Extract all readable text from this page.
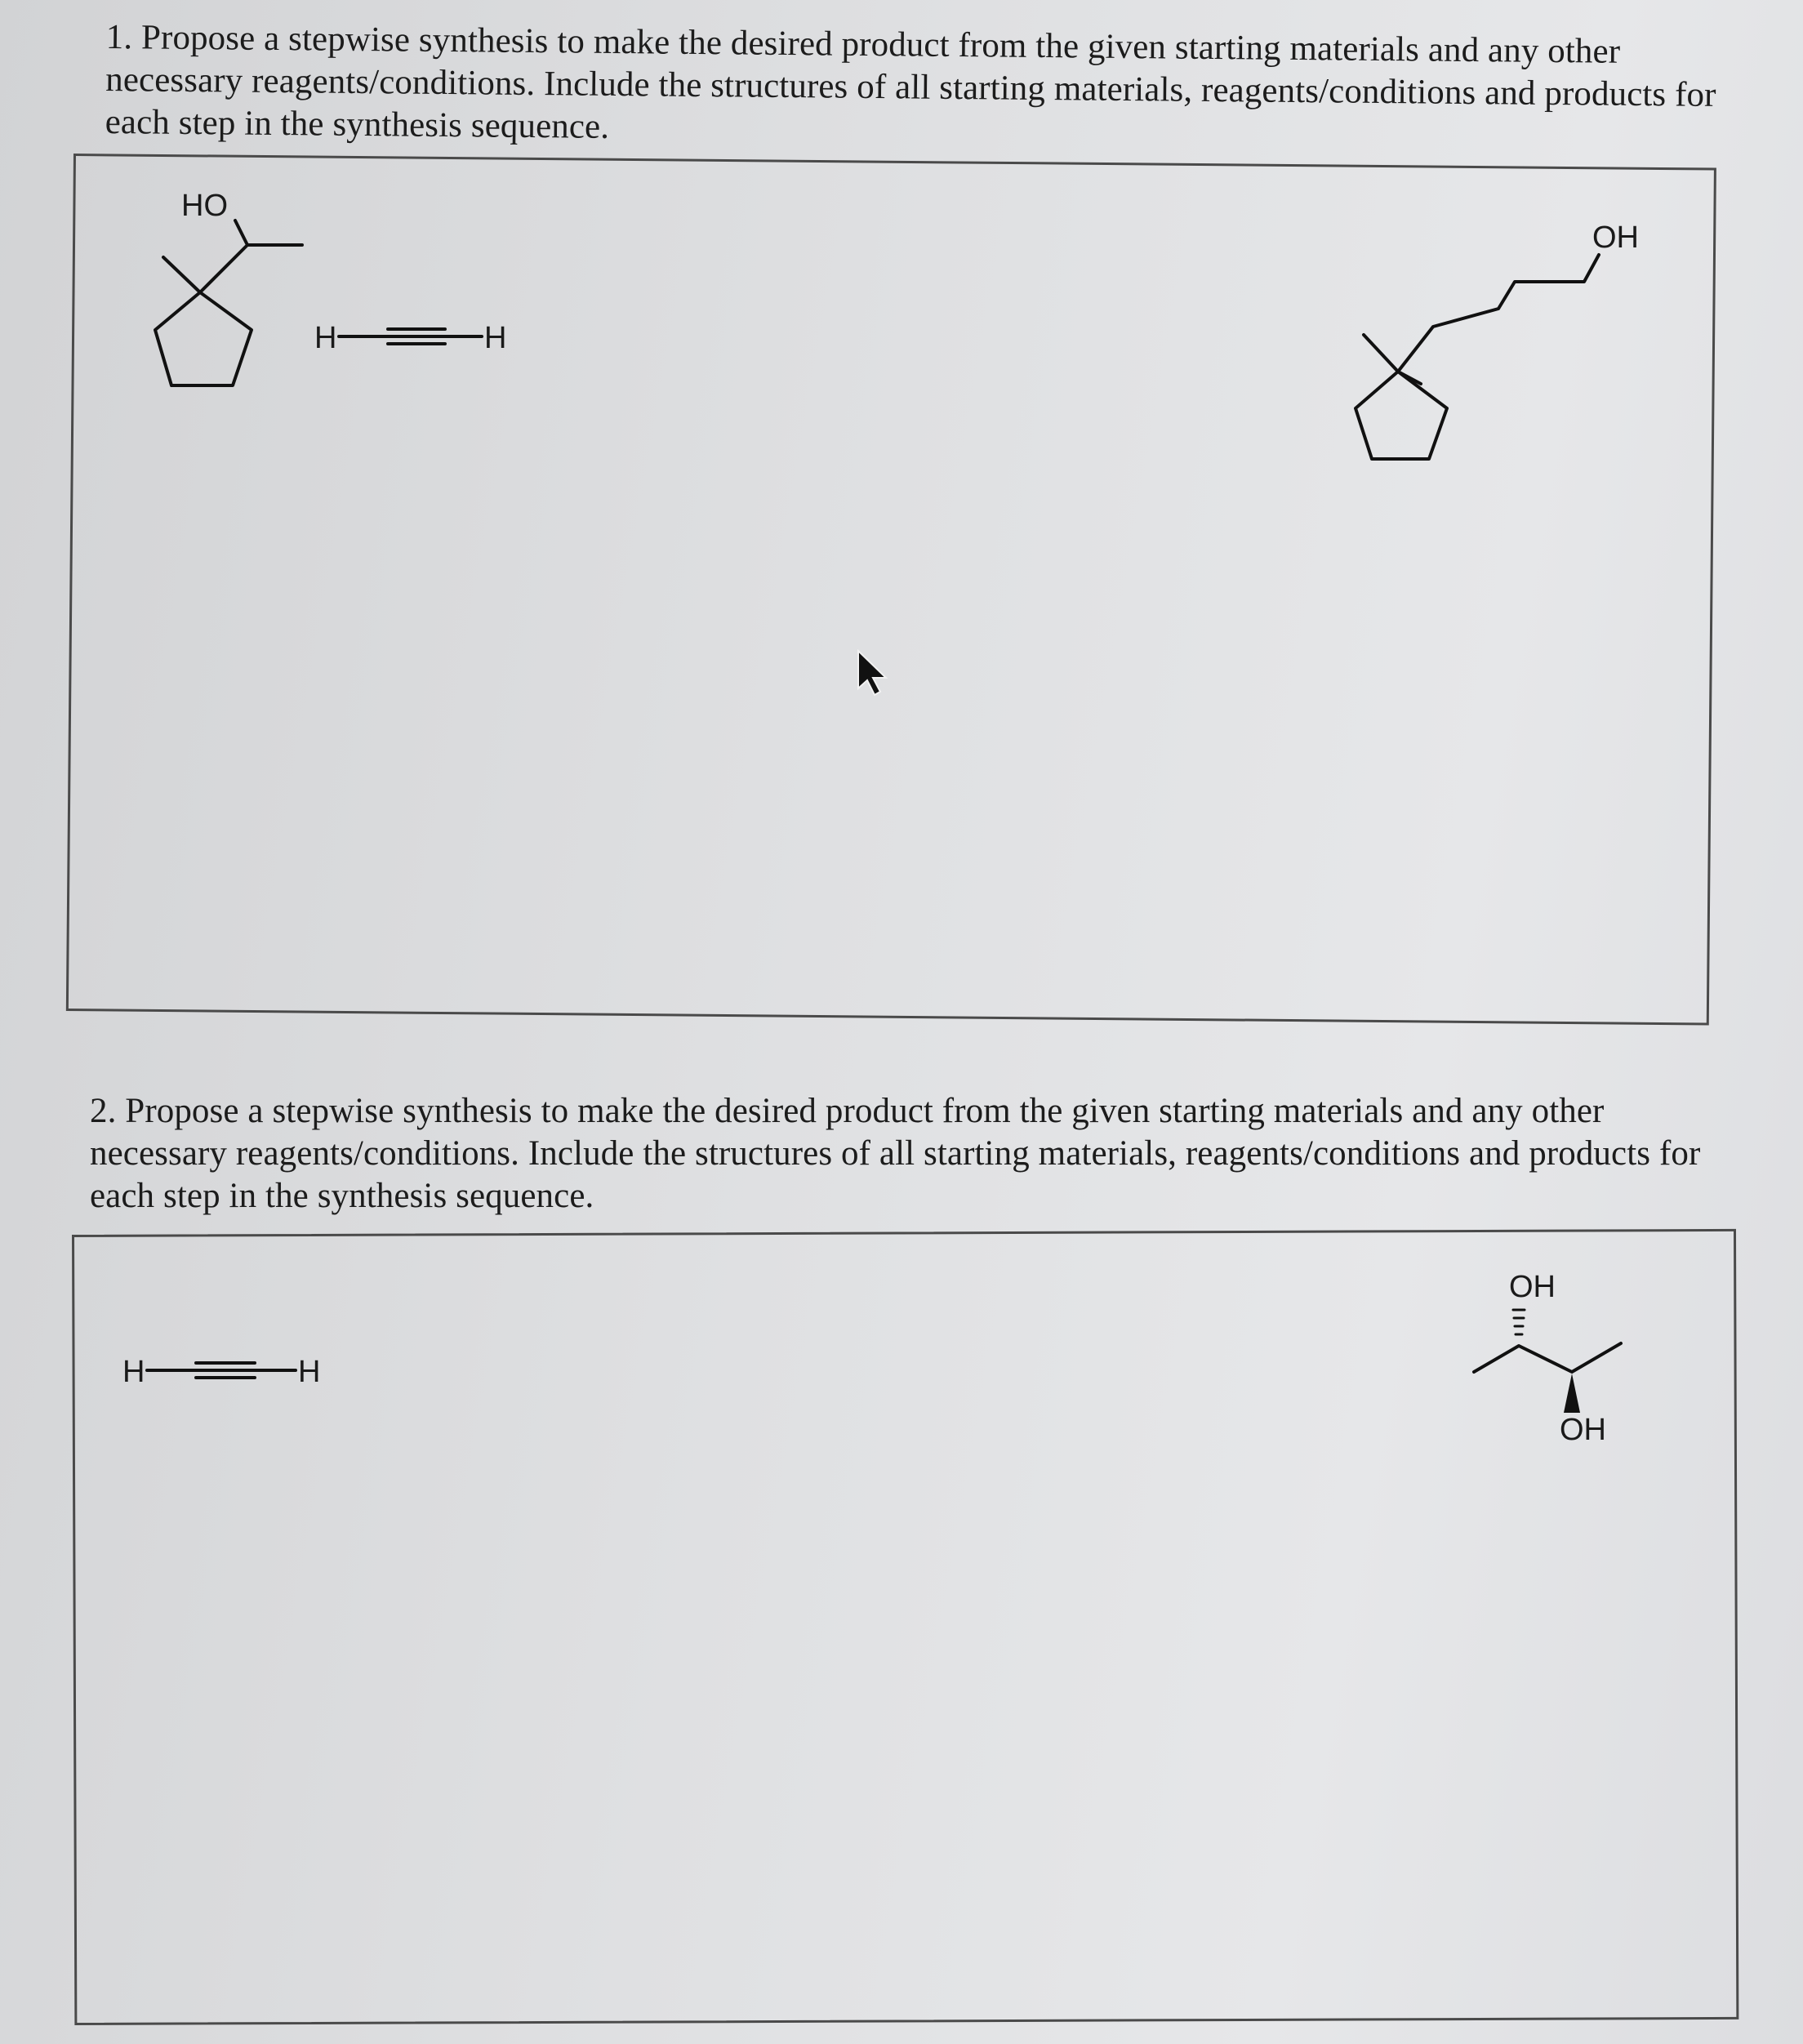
1. Propose a stepwise synthesis to make the desired product from the given starting materials and any other necessary reagents/conditions. Include the structures of all starting materials, reagents/conditions and products for each step in the synthesis sequence.

HO
H	H
OH

2. Propose a stepwise synthesis to make the desired product from the given starting materials and any other necessary reagents/conditions. Include the structures of all starting materials, reagents/conditions and products for each step in the synthesis sequence.

H	H
OH
OH
